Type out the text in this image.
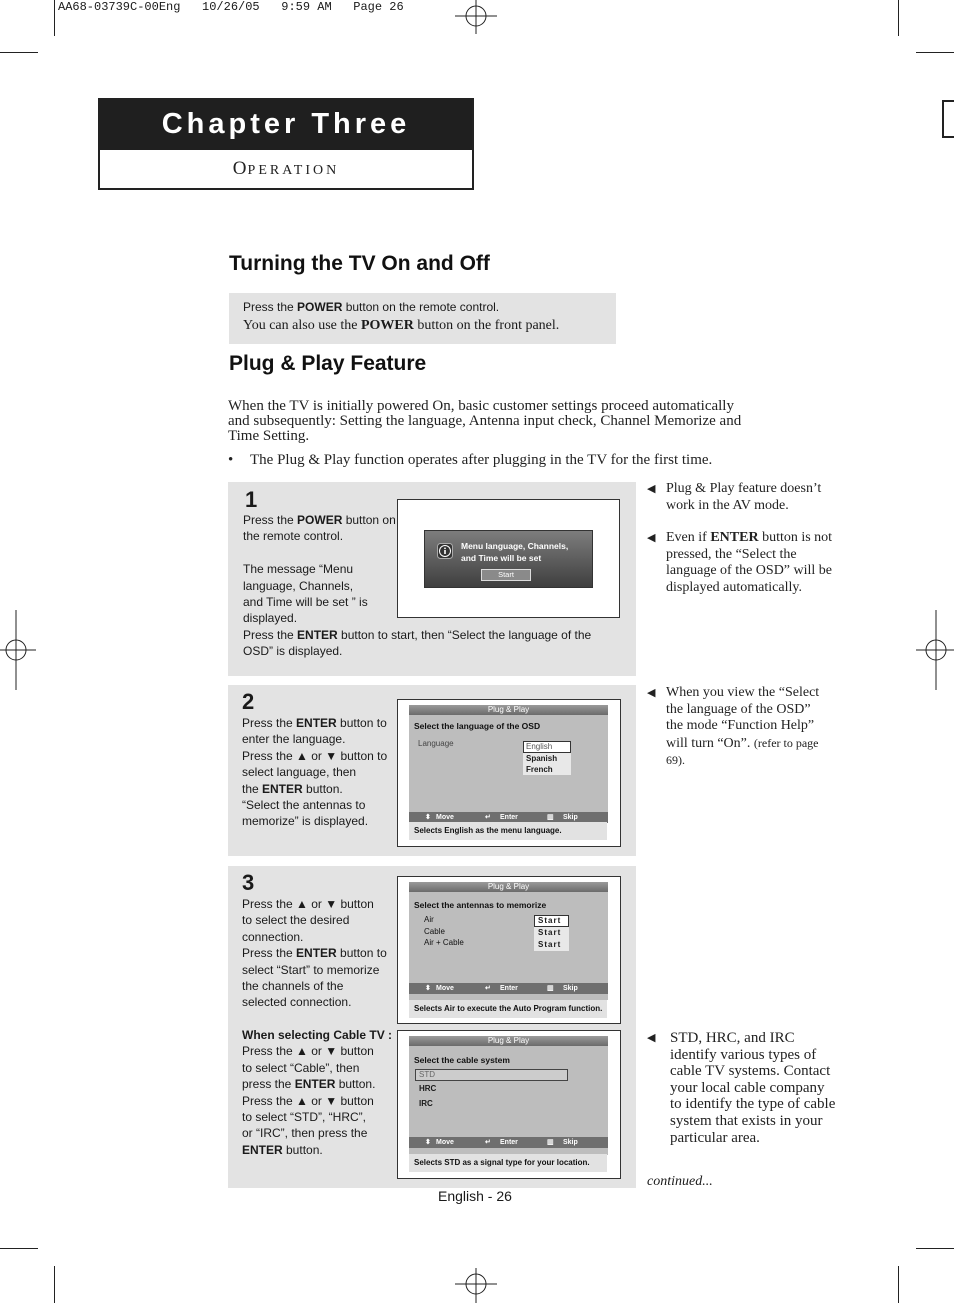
AA68-03739C-00Eng   10/26/05   9:59 AM   Page 26
Chapter Three
OPERATION
Turning the TV On and Off
Press the POWER button on the remote control.
You can also use the POWER button on the front panel.
Plug & Play Feature
When the TV is initially powered On, basic customer settings proceed automatically
and subsequently: Setting the language, Antenna input check, Channel Memorize and
Time Setting.
• The Plug & Play function operates after plugging in the TV for the first time.
1
Press the POWER button on
the remote control.
The message “Menu
language, Channels,
and Time will be set ” is
displayed.
Press the ENTER button to start, then “Select the language of the
OSD” is displayed.
Menu language, Channels,
and Time will be set
Start
2
Press the ENTER button to
enter the language.
Press the ▲ or ▼ button to
select language, then
the ENTER button.
“Select the antennas to
memorize” is displayed.
Plug & Play
Select the language of the OSD
Language	English
Spanish
French
⬍ Move	↵ Enter	▥ Skip
Selects English as the menu language.
3
Press the ▲ or ▼ button
to select the desired
connection.
Press the ENTER button to
select “Start” to memorize
the channels of the
selected connection.
When selecting Cable TV :
Press the ▲ or ▼ button
to select “Cable”, then
press the ENTER button.
Press the ▲ or ▼ button
to select “STD”, “HRC”,
or “IRC”, then press the
ENTER button.
Plug & Play
Select the antennas to memorize
Air
Cable
Air + Cable
Start
Start
Start
⬍ Move	↵ Enter	▥ Skip
Selects Air to execute the Auto Program function.
Plug & Play
Select the cable system
STD
HRC
IRC
⬍ Move	↵ Enter	▥ Skip
Selects STD as a signal type for your location.
◀ Plug & Play feature doesn’t
work in the AV mode.
◀ Even if ENTER button is not
pressed, the “Select the
language of the OSD” will be
displayed automatically.
◀ When you view the “Select
the language of the OSD”
the mode “Function Help”
will turn “On”. (refer to page
69).
◀ STD, HRC, and IRC
identify various types of
cable TV systems. Contact
your local cable company
to identify the type of cable
system that exists in your
particular area.
continued...
English - 26
